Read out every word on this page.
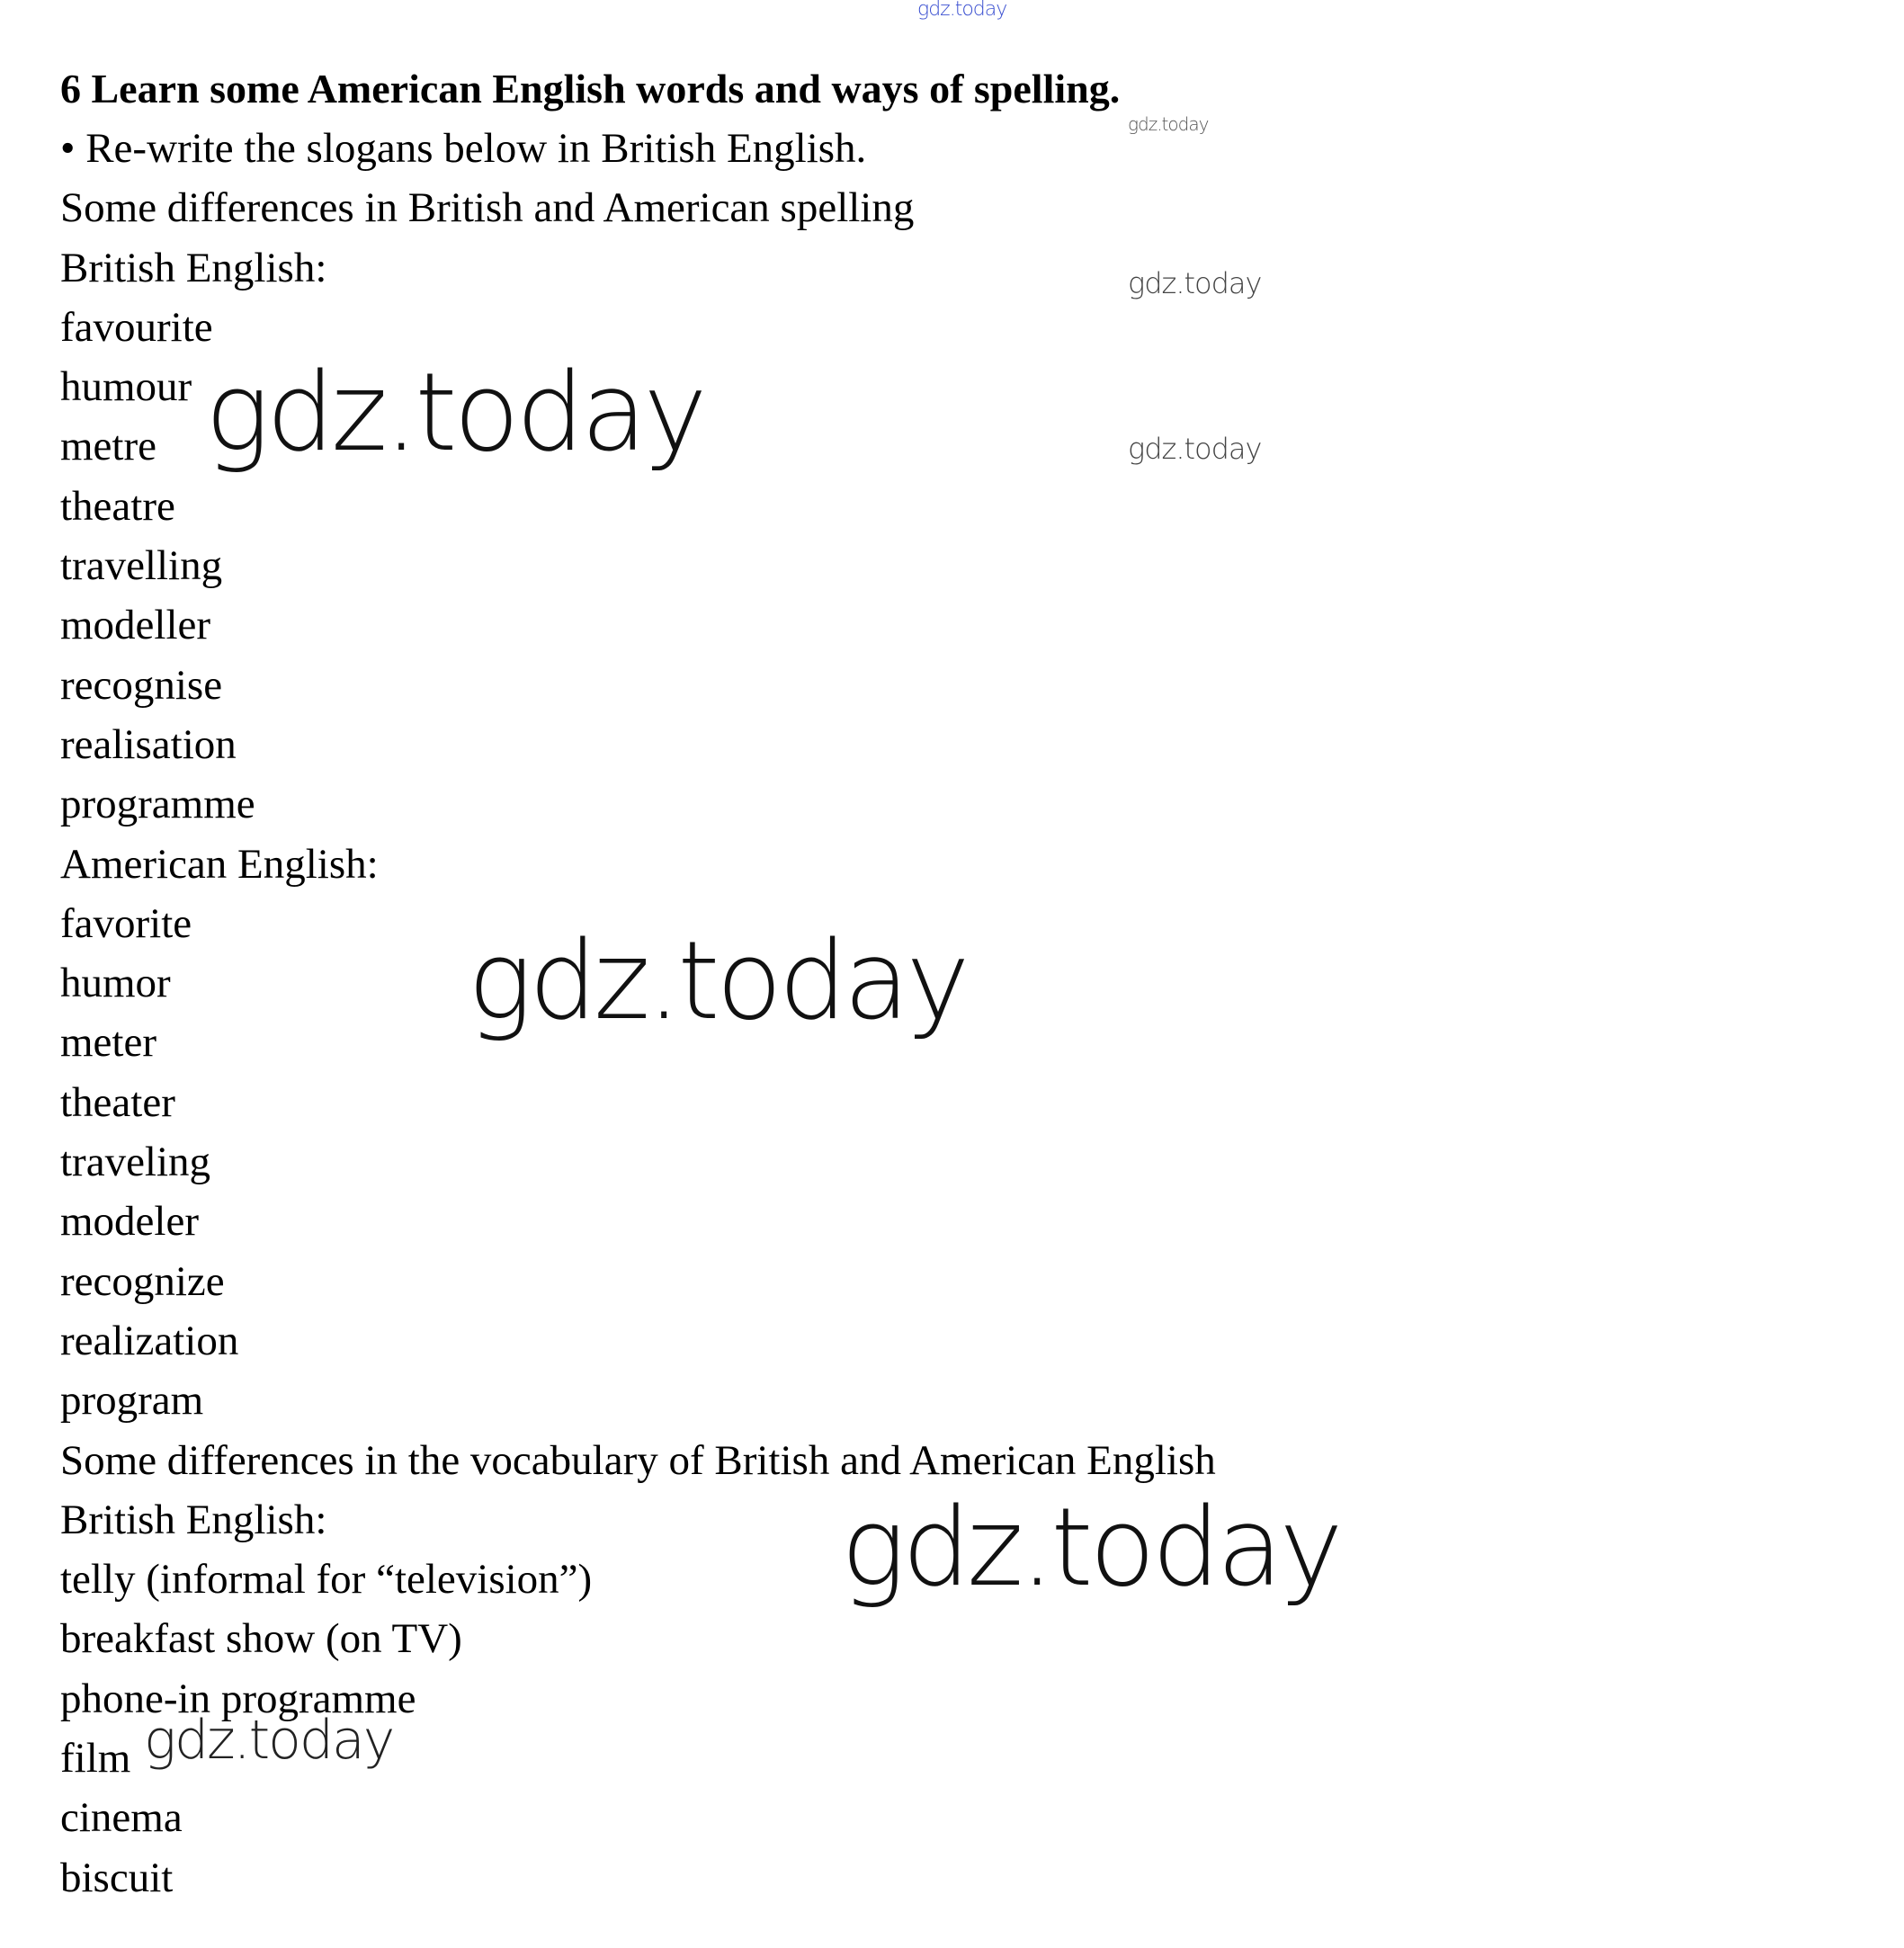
gdz.today
gdz.today
gdz.today
gdz.today
gdz.today
gdz.today
gdz.today
gdz.today
6 Learn some American English words and ways of spelling.
• Re-write the slogans below in British English.
Some differences in British and American spelling
British English:
favourite
humour
metre
theatre
travelling
modeller
recognise
realisation
programme
American English:
favorite
humor
meter
theater
traveling
modeler
recognize
realization
program
Some differences in the vocabulary of British and American English
British English:
telly (informal for “television”)
breakfast show (on TV)
phone-in programme
film
cinema
biscuit
